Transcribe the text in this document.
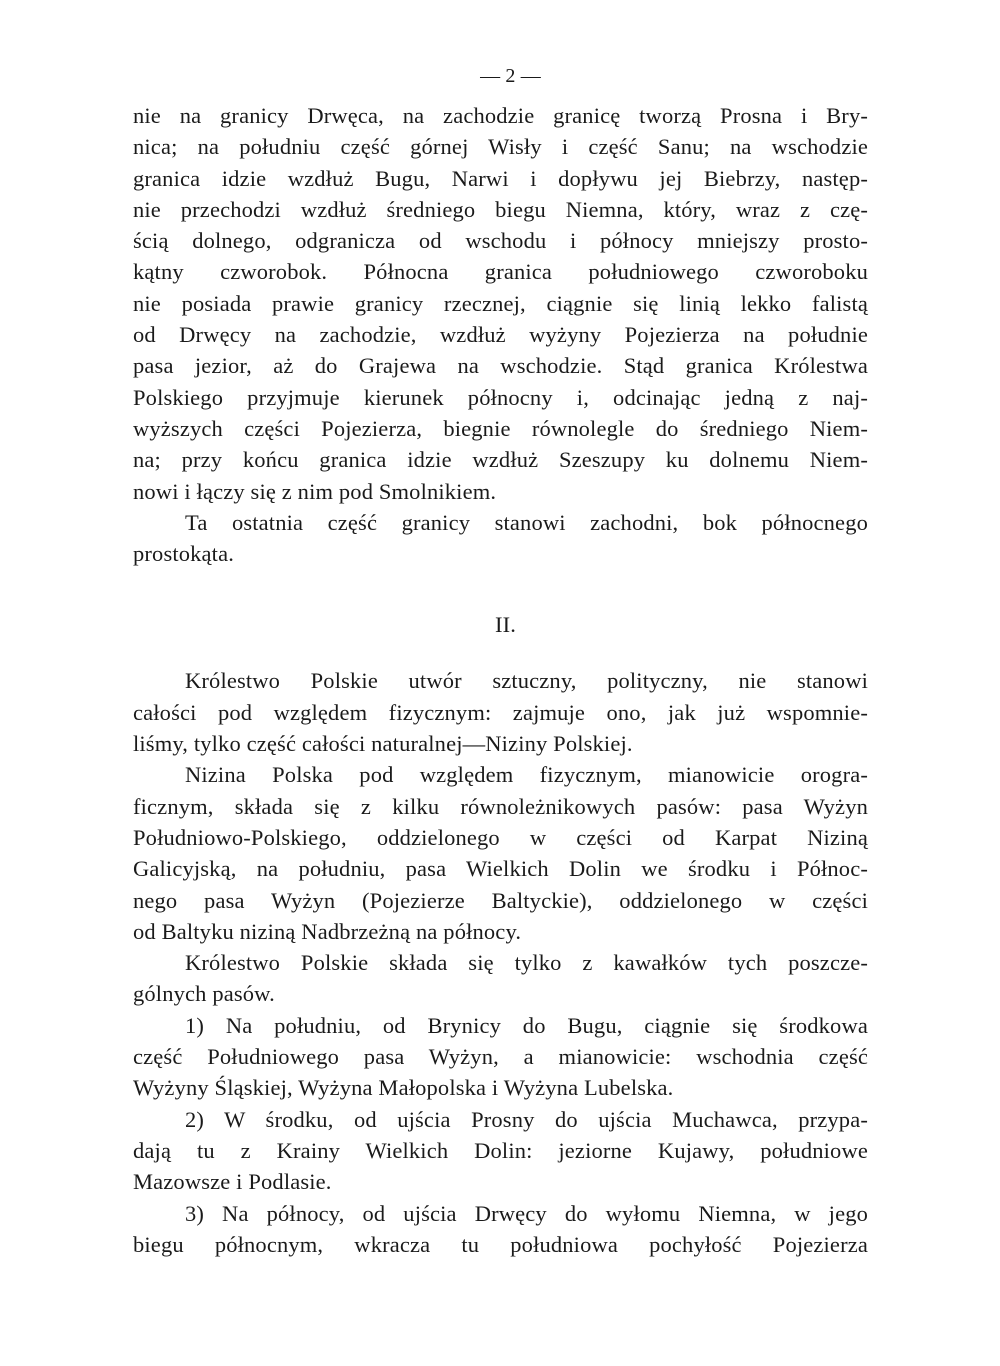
— 2 —
nie na granicy Drwęca, na zachodzie granicę tworzą Prosna i Bry-
nica; na południu część górnej Wisły i część Sanu; na wschodzie
granica idzie wzdłuż Bugu, Narwi i dopływu jej Biebrzy, następ-
nie przechodzi wzdłuż średniego biegu Niemna, który, wraz z czę-
ścią dolnego, odgranicza od wschodu i północy mniejszy prosto-
kątny czworobok. Północna granica południowego czworoboku
nie posiada prawie granicy rzecznej, ciągnie się linią lekko falistą
od Drwęcy na zachodzie, wzdłuż wyżyny Pojezierza na południe
pasa jezior, aż do Grajewa na wschodzie. Stąd granica Królestwa
Polskiego przyjmuje kierunek północny i, odcinając jedną z naj-
wyższych części Pojezierza, biegnie równolegle do średniego Niem-
na; przy końcu granica idzie wzdłuż Szeszupy ku dolnemu Niem-
nowi i łączy się z nim pod Smolnikiem.
Ta ostatnia część granicy stanowi zachodni, bok północnego
prostokąta.
II.
Królestwo Polskie utwór sztuczny, polityczny, nie stanowi
całości pod względem fizycznym: zajmuje ono, jak już wspomnie-
liśmy, tylko część całości naturalnej—Niziny Polskiej.
Nizina Polska pod względem fizycznym, mianowicie orogra-
ficznym, składa się z kilku równoleżnikowych pasów: pasa Wyżyn
Południowo-Polskiego, oddzielonego w części od Karpat Niziną
Galicyjską, na południu, pasa Wielkich Dolin we środku i Północ-
nego pasa Wyżyn (Pojezierze Baltyckie), oddzielonego w części
od Baltyku niziną Nadbrzeżną na północy.
Królestwo Polskie składa się tylko z kawałków tych poszcze-
gólnych pasów.
1) Na południu, od Brynicy do Bugu, ciągnie się środkowa
część Południowego pasa Wyżyn, a mianowicie: wschodnia część
Wyżyny Śląskiej, Wyżyna Małopolska i Wyżyna Lubelska.
2) W środku, od ujścia Prosny do ujścia Muchawca, przypa-
dają tu z Krainy Wielkich Dolin: jeziorne Kujawy, południowe
Mazowsze i Podlasie.
3) Na północy, od ujścia Drwęcy do wyłomu Niemna, w jego
biegu północnym, wkracza tu południowa pochyłość Pojezierza
